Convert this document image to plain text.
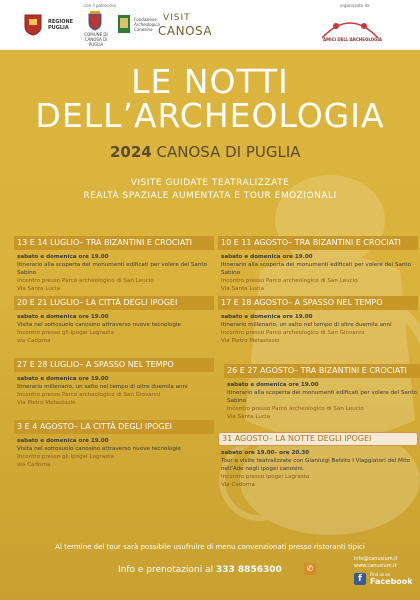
REGIONE PUGLIA
con il patrocinio
COMUNE DI CANOSA DI PUGLIA
Fondazione Archeologica Canosina
VISIT
CANOSA
organizzato da
AMICI DELL'ARCHEOLOGIA
LE NOTTI
DELL’ARCHEOLOGIA
2024 CANOSA DI PUGLIA
VISITE GUIDATE TEATRALIZZATE
REALTÀ SPAZIALE AUMENTATA E TOUR EMOZIONALI
13 E 14 LUGLIO– TRA BIZANTINI E CROCIATI
sabato e domenica ore 19.00
Itinerario alla scoperta dei monumenti edificati per volere del Santo Sabino
Incontro presso Parco archeologico di San Leucio
Via Santa Lucia
20 E 21 LUGLIO– LA CITTÀ DEGLI IPOGEI
sabato e domenica ore 19.00
Visita nel sottosuolo canosino attraverso nuove tecnologie
Incontro presso gli Ipogei Lagrasta
via Cadorna
27 E 28 LUGLIO– A SPASSO NEL TEMPO
sabato e domenica ore 19.00
Itinerario millenario, un salto nel tempo di oltre duemila anni
Incontro presso Parco archeologico di San Giovanni
Via Pietro Metastasio
3 E 4 AGOSTO– LA CITTÀ DEGLI IPOGEI
sabato e domenica ore 19.00
Visita nel sottosuolo canosino attraverso nuove tecnologie
Incontro presso gli Ipogei Lagrasta
via Cadorna
10 E 11 AGOSTO– TRA BIZANTINI E CROCIATI
sabato e domenica ore 19.00
Itinerario alla scoperta dei monumenti edificati per volere del Santo Sabino
Incontro presso Parco archeologico di San Leucio
Via Santa Lucia
17 E 18 AGOSTO– A SPASSO NEL TEMPO
sabato e domenica ore 19.00
Itinerario millenario, un salto nel tempo di oltre duemila anni
Incontro presso Parco archeologico di San Giovanni
Via Pietro Metastasio
26 E 27 AGOSTO– TRA BIZANTINI E CROCIATI
sabato e domenica ore 19.00
Itinerario alla scoperta dei monumenti edificati per volere del Santo Sabino
Incontro presso Parco archeologico di San Leucio
Via Santa Lucia
31 AGOSTO– LA NOTTE DEGLI IPOGEI
sabato ore 19.00– ore 20.30
Tour e visite teatralizzate con Gianluigi Belsito I Viaggiatori del Mito nell’Ade negli ipogei canosini.
Incontro presso Ipogei Lagrasta
Via Cadorna
Al termine del tour sarà possibile usufruire di menu convenzionati presso ristoranti tipici
Info e prenotazioni al 333 8856300	✆
info@canusium.it
www.canusium.it
f	Find us on
Facebook
